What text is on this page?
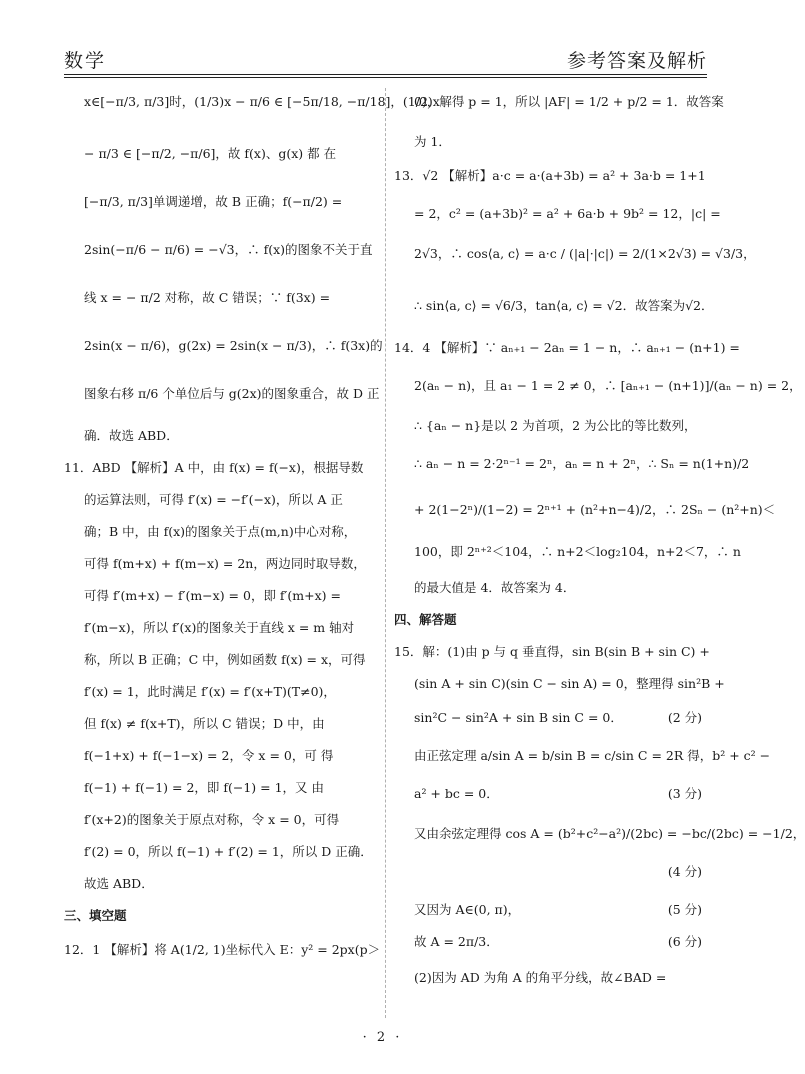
数学	参考答案及解析
x∈[−π/3, π/3]时，(1/3)x − π/6 ∈ [−5π/18, −π/18]，(1/2)x
− π/3 ∈ [−π/2, −π/6]，故 f(x)、g(x) 都 在
[−π/3, π/3]单调递增，故 B 正确；f(−π/2) =
2sin(−π/6 − π/6) = −√3，∴ f(x)的图象不关于直
线 x = − π/2 对称，故 C 错误；∵ f(3x) =
2sin(x − π/6)，g(2x) = 2sin(x − π/3)，∴ f(3x)的
图象右移 π/6 个单位后与 g(2x)的图象重合，故 D 正
确．故选 ABD．
11．ABD 【解析】A 中，由 f(x) = f(−x)，根据导数
的运算法则，可得 f′(x) = −f′(−x)，所以 A 正
确；B 中，由 f(x)的图象关于点(m,n)中心对称，
可得 f(m+x) + f(m−x) = 2n，两边同时取导数，
可得 f′(m+x) − f′(m−x) = 0，即 f′(m+x) =
f′(m−x)，所以 f′(x)的图象关于直线 x = m 轴对
称，所以 B 正确；C 中，例如函数 f(x) = x，可得
f′(x) = 1，此时满足 f′(x) = f′(x+T)(T≠0)，
但 f(x) ≠ f(x+T)，所以 C 错误；D 中，由
f(−1+x) + f(−1−x) = 2，令 x = 0，可 得
f(−1) + f(−1) = 2，即 f(−1) = 1，又 由
f′(x+2)的图象关于原点对称，令 x = 0，可得
f′(2) = 0，所以 f(−1) + f′(2) = 1，所以 D 正确．
故选 ABD．
三、填空题
12．1 【解析】将 A(1/2, 1)坐标代入 E：y² = 2px(p＞
0)，解得 p = 1，所以 |AF| = 1/2 + p/2 = 1．故答案
为 1．
13．√2 【解析】a·c = a·(a+3b) = a² + 3a·b = 1+1
= 2，c² = (a+3b)² = a² + 6a·b + 9b² = 12，|c| =
2√3，∴ cos⟨a, c⟩ = a·c / (|a|·|c|) = 2/(1×2√3) = √3/3，
∴ sin⟨a, c⟩ = √6/3，tan⟨a, c⟩ = √2．故答案为√2．
14．4 【解析】∵ aₙ₊₁ − 2aₙ = 1 − n，∴ aₙ₊₁ − (n+1) =
2(aₙ − n)，且 a₁ − 1 = 2 ≠ 0，∴ [aₙ₊₁ − (n+1)]/(aₙ − n) = 2，
∴ {aₙ − n}是以 2 为首项，2 为公比的等比数列，
∴ aₙ − n = 2·2ⁿ⁻¹ = 2ⁿ，aₙ = n + 2ⁿ，∴ Sₙ = n(1+n)/2
+ 2(1−2ⁿ)/(1−2) = 2ⁿ⁺¹ + (n²+n−4)/2，∴ 2Sₙ − (n²+n)＜
100，即 2ⁿ⁺²＜104，∴ n+2＜log₂104，n+2＜7，∴ n
的最大值是 4．故答案为 4．
四、解答题
15．解：(1)由 p 与 q 垂直得，sin B(sin B + sin C) +
(sin A + sin C)(sin C − sin A) = 0，整理得 sin²B +
sin²C − sin²A + sin B sin C = 0．	(2 分)
由正弦定理 a/sin A = b/sin B = c/sin C = 2R 得，b² + c² −
a² + bc = 0．	(3 分)
又由余弦定理得 cos A = (b²+c²−a²)/(2bc) = −bc/(2bc) = −1/2，
(4 分)
又因为 A∈(0, π)，	(5 分)
故 A = 2π/3．	(6 分)
(2)因为 AD 为角 A 的角平分线，故∠BAD =
· 2 ·
